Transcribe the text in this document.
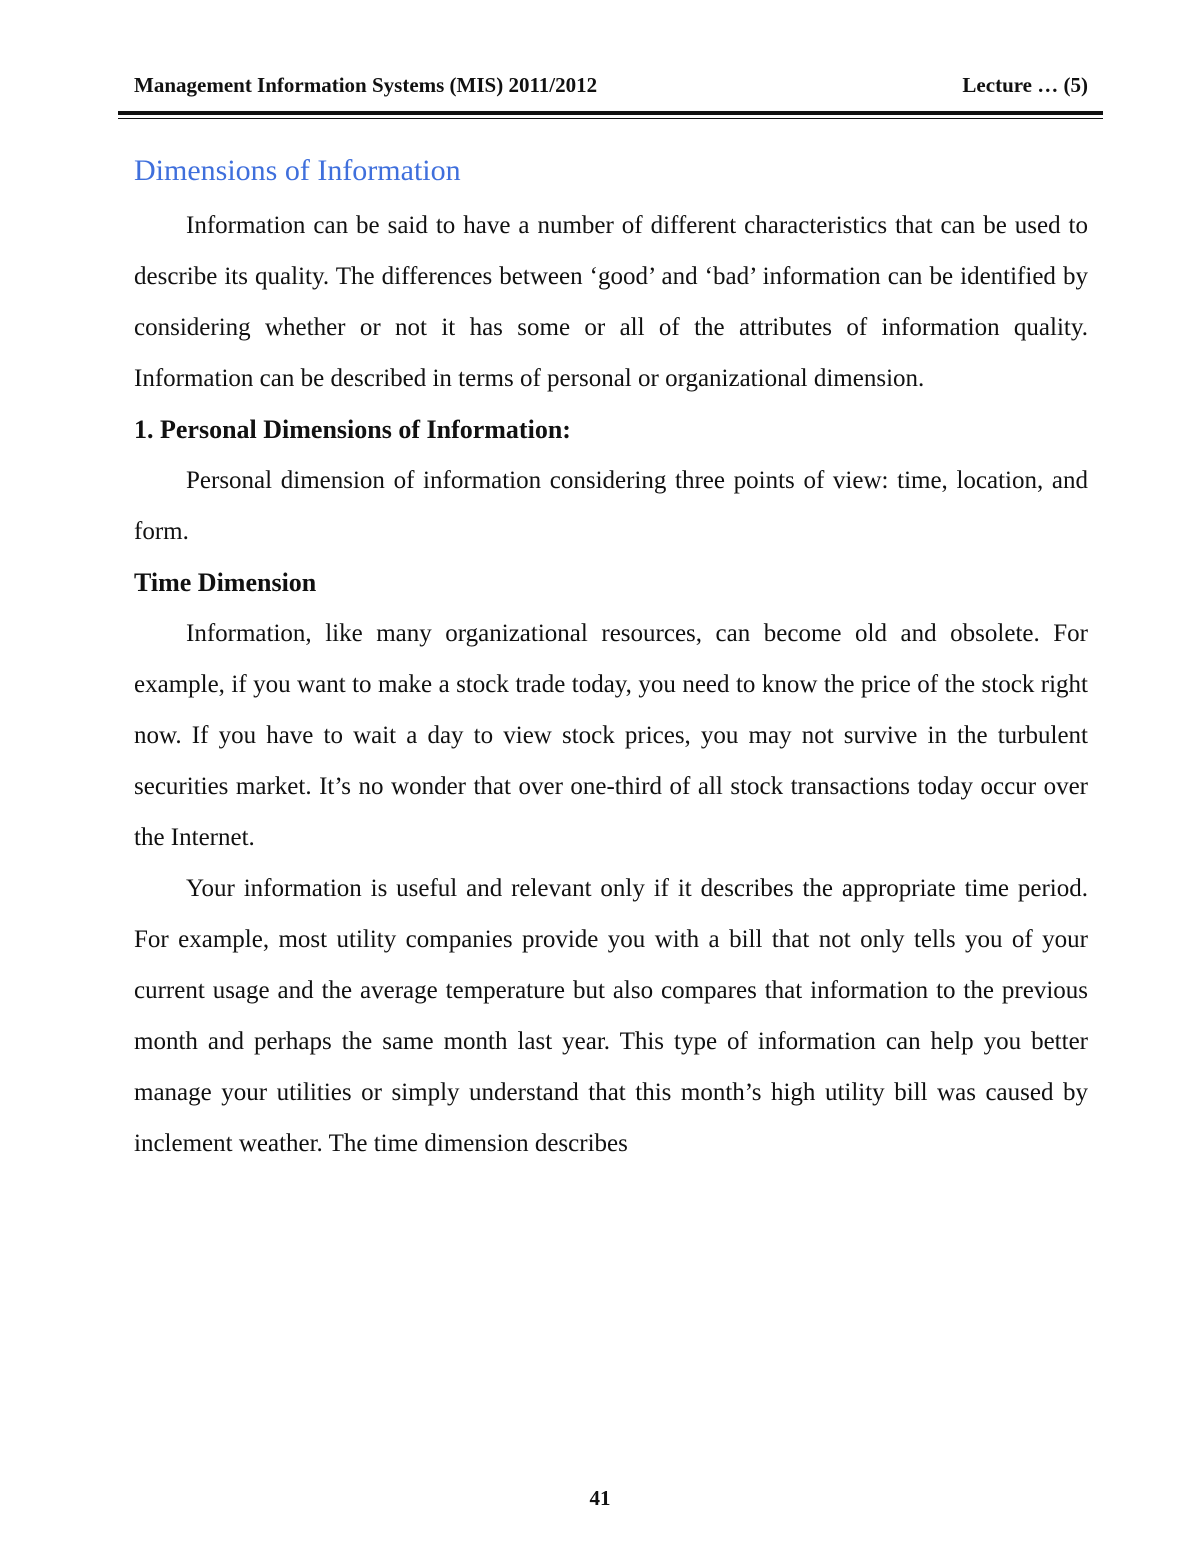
Management Information Systems (MIS) 2011/2012	Lecture … (5)
Dimensions of Information

Information can be said to have a number of different characteristics that can be used to describe its quality. The differences between ‘good’ and ‘bad’ information can be identified by considering whether or not it has some or all of the attributes of information quality. Information can be described in terms of personal or organizational dimension.

1. Personal Dimensions of Information:

Personal dimension of information considering three points of view: time, location, and form.

Time Dimension

Information, like many organizational resources, can become old and obsolete. For example, if you want to make a stock trade today, you need to know the price of the stock right now. If you have to wait a day to view stock prices, you may not survive in the turbulent securities market. It’s no wonder that over one-third of all stock transactions today occur over the Internet.

Your information is useful and relevant only if it describes the appropriate time period. For example, most utility companies provide you with a bill that not only tells you of your current usage and the average temperature but also compares that information to the previous month and perhaps the same month last year. This type of information can help you better manage your utilities or simply understand that this month’s high utility bill was caused by inclement weather. The time dimension describes

41
